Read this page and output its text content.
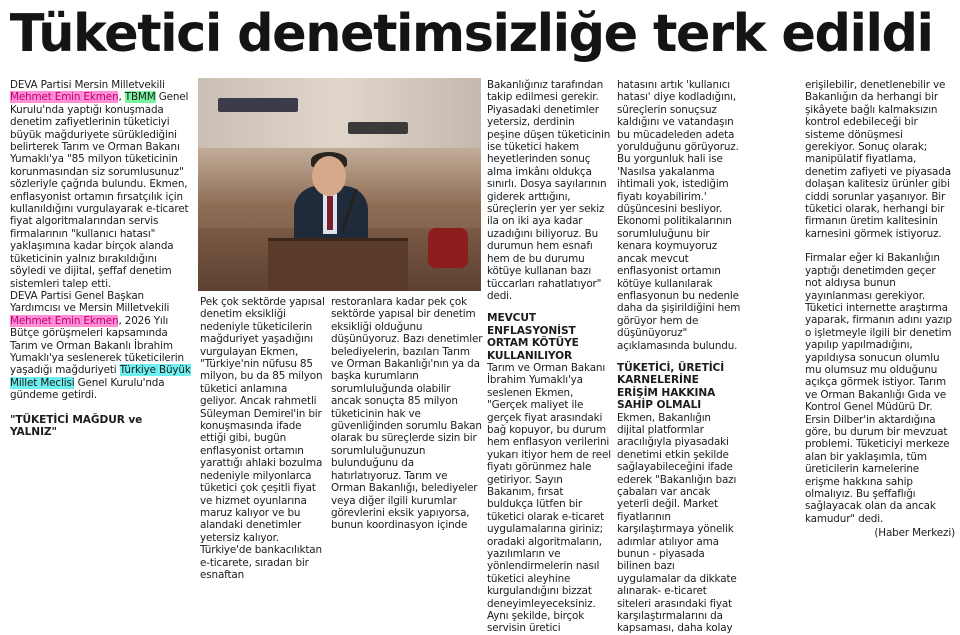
Tüketici denetimsizliğe terk edildi

DEVA Partisi Mersin Milletvekili Mehmet Emin Ekmen, TBMM Genel Kurulu'nda yaptığı konuşmada denetim zafiyetlerinin tüketiciyi büyük mağduriyete sürüklediğini belirterek Tarım ve Orman Bakanı Yumaklı'ya "85 milyon tüketicinin korunmasından siz sorumlusunuz" sözleriyle çağrıda bulundu. Ekmen, enflasyonist ortamın fırsatçılık için kullanıldığını vurgulayarak e-ticaret fiyat algoritmalarından servis firmalarının "kullanıcı hatası" yaklaşımına kadar birçok alanda tüketicinin yalnız bırakıldığını söyledi ve dijital, şeffaf denetim sistemleri talep etti.

DEVA Partisi Genel Başkan Yardımcısı ve Mersin Milletvekili Mehmet Emin Ekmen, 2026 Yılı Bütçe görüşmeleri kapsamında Tarım ve Orman Bakanlı İbrahim Yumaklı'ya seslenerek tüketicilerin yaşadığı mağduriyeti Türkiye Büyük Millet Meclisi Genel Kurulu'nda gündeme getirdi.

"TÜKETİCİ MAĞDUR ve YALNIZ"

Pek çok sektörde yapısal denetim eksikliği nedeniyle tüketicilerin mağduriyet yaşadığını vurgulayan Ekmen, "Türkiye'nin nüfusu 85 milyon, bu da 85 milyon tüketici anlamına geliyor. Ancak rahmetli Süleyman Demirel'in bir konuşmasında ifade ettiği gibi, bugün enflasyonist ortamın yarattığı ahlaki bozulma nedeniyle milyonlarca tüketici çok çeşitli fiyat ve hizmet oyunlarına maruz kalıyor ve bu alandaki denetimler yetersiz kalıyor. Türkiye'de bankacılıktan e-ticarete, sıradan bir esnaftan

restoranlara kadar pek çok sektörde yapısal bir denetim eksikliği olduğunu düşünüyoruz. Bazı denetimler belediyelerin, bazıları Tarım ve Orman Bakanlığı'nın ya da başka kurumların sorumluluğunda olabilir ancak sonuçta 85 milyon tüketicinin hak ve güvenliğinden sorumlu Bakan olarak bu süreçlerde sizin bir sorumluluğunuzun bulunduğunu da hatırlatıyoruz. Tarım ve Orman Bakanlığı, belediyeler veya diğer ilgili kurumlar görevlerini eksik yapıyorsa, bunun koordinasyon içinde

Bakanlığınız tarafından takip edilmesi gerekir. Piyasadaki denetimler yetersiz, derdinin peşine düşen tüketicinin ise tüketici hakem heyetlerinden sonuç alma imkânı oldukça sınırlı. Dosya sayılarının giderek arttığını, süreçlerin yer yer sekiz ila on iki aya kadar uzadığını biliyoruz. Bu durumun hem esnafı hem de bu durumu kötüye kullanan bazı tüccarları rahatlatıyor" dedi.

MEVCUT ENFLASYONİST ORTAM KÖTÜYE KULLANILIYOR

Tarım ve Orman Bakanı İbrahim Yumaklı'ya seslenen Ekmen, "Gerçek maliyet ile gerçek fiyat arasındaki bağ kopuyor, bu durum hem enflasyon verilerini yukarı itiyor hem de reel fiyatı görünmez hale getiriyor. Sayın Bakanım, fırsat buldukça lütfen bir tüketici olarak e-ticaret uygulamalarına giriniz; oradaki algoritmaların, yazılımların ve yönlendirmelerin nasıl tüketici aleyhine kurgulandığını bizzat deneyimleyeceksiniz. Aynı şekilde, birçok servisin üretici

hatasını artık 'kullanıcı hatası' diye kodladığını, süreçlerin sonuçsuz kaldığını ve vatandaşın bu mücadeleden adeta yorulduğunu görüyoruz. Bu yorgunluk hali ise 'Nasılsa yakalanma ihtimali yok, istediğim fiyatı koyabilirim.' düşüncesini besliyor. Ekonomi politikalarının sorumluluğunu bir kenara koymuyoruz ancak mevcut enflasyonist ortamın kötüye kullanılarak enflasyonun bu nedenle daha da şişirildiğini hem görüyor hem de düşünüyoruz" açıklamasında bulundu.

TÜKETİCİ, ÜRETİCİ KARNELERİNE ERİŞİM HAKKINA SAHİP OLMALI

Ekmen, Bakanlığın dijital platformlar aracılığıyla piyasadaki denetimi etkin şekilde sağlayabileceğini ifade ederek "Bakanlığın bazı çabaları var ancak yeterli değil. Market fiyatlarının karşılaştırmaya yönelik adımlar atılıyor ama bunun - piyasada bilinen bazı uygulamalar da dikkate alınarak- e-ticaret siteleri arasındaki fiyat karşılaştırmalarını da kapsaması, daha kolay

erişilebilir, denetlenebilir ve Bakanlığın da herhangi bir şikâyete bağlı kalmaksızın kontrol edebileceği bir sisteme dönüşmesi gerekiyor. Sonuç olarak; manipülatif fiyatlama, denetim zafiyeti ve piyasada dolaşan kalitesiz ürünler gibi ciddi sorunlar yaşanıyor. Bir tüketici olarak, herhangi bir firmanın üretim kalitesinin karnesini görmek istiyoruz.

Firmalar eğer ki Bakanlığın yaptığı denetimden geçer not aldıysa bunun yayınlanması gerekiyor. Tüketici internette araştırma yaparak, firmanın adını yazıp o işletmeyle ilgili bir denetim yapılıp yapılmadığını, yapıldıysa sonucun olumlu mu olumsuz mu olduğunu açıkça görmek istiyor. Tarım ve Orman Bakanlığı Gıda ve Kontrol Genel Müdürü Dr. Ersin Dilber'in aktardığına göre, bu durum bir mevzuat problemi. Tüketiciyi merkeze alan bir yaklaşımla, tüm üreticilerin karnelerine erişme hakkına sahip olmalıyız. Bu şeffaflığı sağlayacak olan da ancak kamudur" dedi.

(Haber Merkezi)
